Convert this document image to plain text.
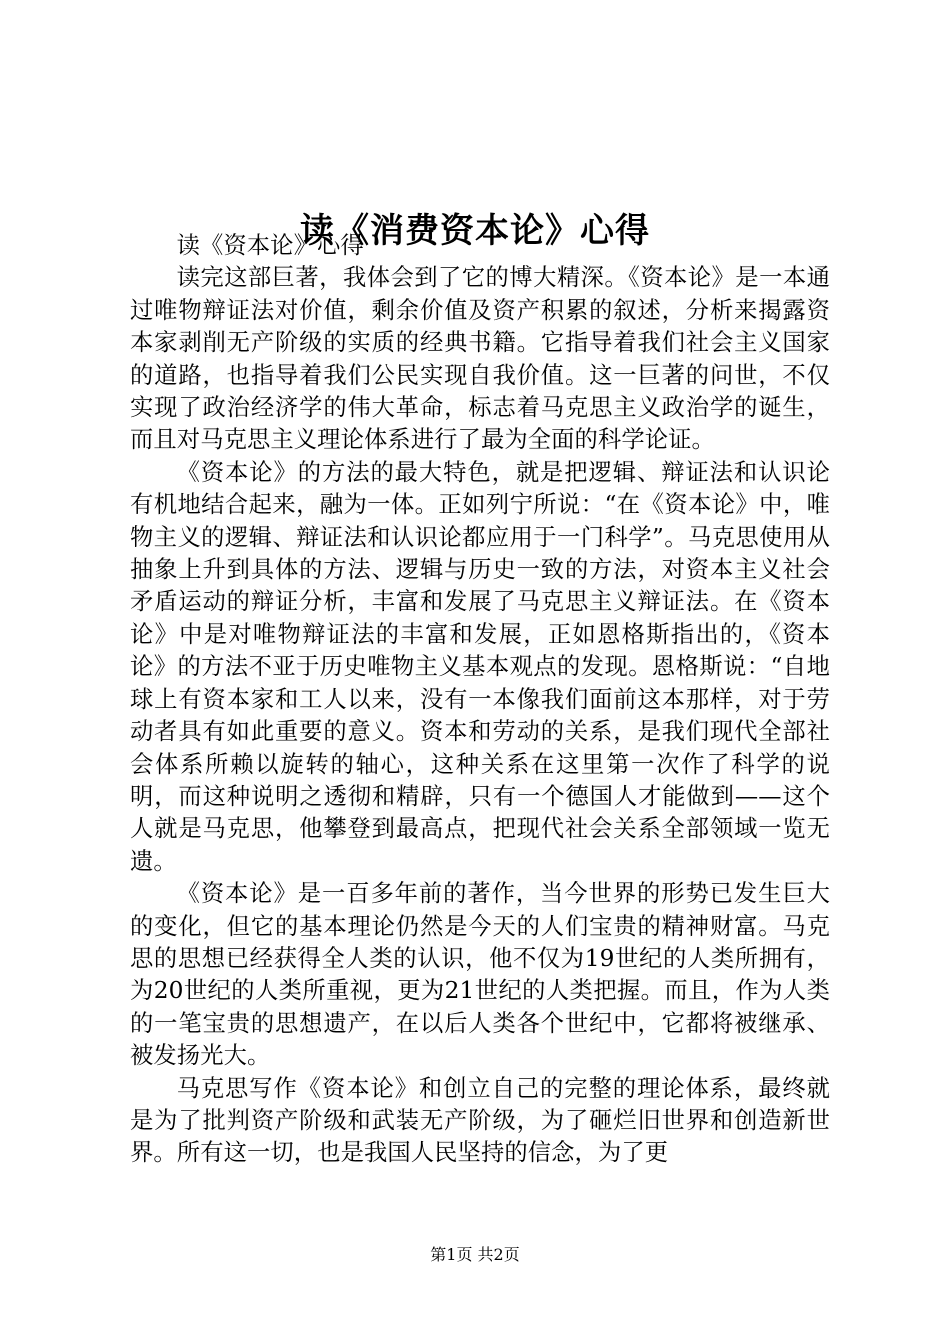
读《消费资本论》心得

读《资本论》心得

读完这部巨著，我体会到了它的博大精深。《资本论》是一本通过唯物辩证法对价值，剩余价值及资产积累的叙述，分析来揭露资本家剥削无产阶级的实质的经典书籍。它指导着我们社会主义国家的道路，也指导着我们公民实现自我价值。这一巨著的问世，不仅实现了政治经济学的伟大革命，标志着马克思主义政治学的诞生，而且对马克思主义理论体系进行了最为全面的科学论证。

《资本论》的方法的最大特色，就是把逻辑、辩证法和认识论有机地结合起来，融为一体。正如列宁所说：“在《资本论》中，唯物主义的逻辑、辩证法和认识论都应用于一门科学”。马克思使用从抽象上升到具体的方法、逻辑与历史一致的方法，对资本主义社会矛盾运动的辩证分析，丰富和发展了马克思主义辩证法。在《资本论》中是对唯物辩证法的丰富和发展，正如恩格斯指出的，《资本论》的方法不亚于历史唯物主义基本观点的发现。恩格斯说：“自地球上有资本家和工人以来，没有一本像我们面前这本那样，对于劳动者具有如此重要的意义。资本和劳动的关系，是我们现代全部社会体系所赖以旋转的轴心，这种关系在这里第一次作了科学的说明，而这种说明之透彻和精辟，只有一个德国人才能做到——这个人就是马克思，他攀登到最高点，把现代社会关系全部领域一览无遗。

《资本论》是一百多年前的著作，当今世界的形势已发生巨大的变化，但它的基本理论仍然是今天的人们宝贵的精神财富。马克思的思想已经获得全人类的认识，他不仅为19世纪的人类所拥有，为20世纪的人类所重视，更为21世纪的人类把握。而且，作为人类的一笔宝贵的思想遗产，在以后人类各个世纪中，它都将被继承、被发扬光大。

马克思写作《资本论》和创立自己的完整的理论体系，最终就是为了批判资产阶级和武装无产阶级，为了砸烂旧世界和创造新世界。所有这一切，也是我国人民坚持的信念，为了更

第1页 共2页
